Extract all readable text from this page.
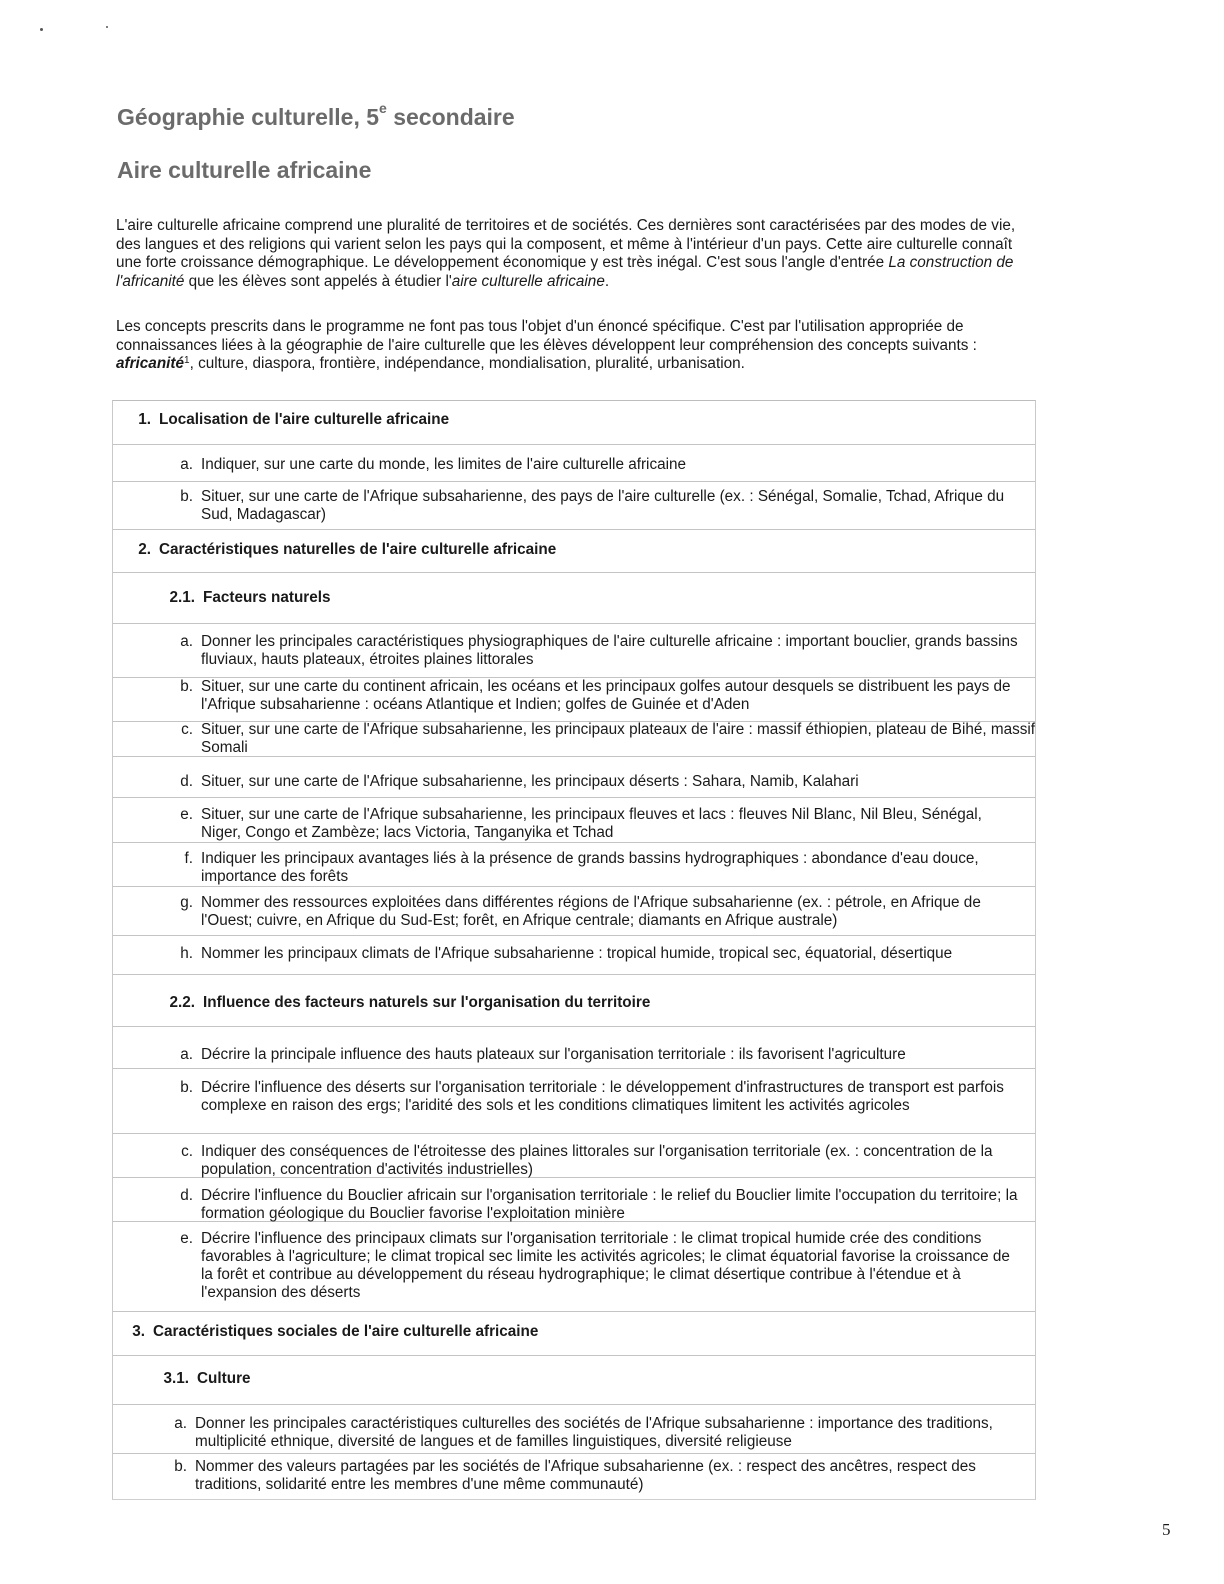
Géographie culturelle, 5e secondaire
Aire culturelle africaine

L'aire culturelle africaine comprend une pluralité de territoires et de sociétés. Ces dernières sont caractérisées par des modes de vie, des langues et des religions qui varient selon les pays qui la composent, et même à l'intérieur d'un pays. Cette aire culturelle connaît une forte croissance démographique. Le développement économique y est très inégal. C'est sous l'angle d'entrée La construction de l'africanité que les élèves sont appelés à étudier l'aire culturelle africaine.

Les concepts prescrits dans le programme ne font pas tous l'objet d'un énoncé spécifique. C'est par l'utilisation appropriée de connaissances liées à la géographie de l'aire culturelle que les élèves développent leur compréhension des concepts suivants : africanité$^1$, culture, diaspora, frontière, indépendance, mondialisation, pluralité, urbanisation.

1. Localisation de l'aire culturelle africaine
a. Indiquer, sur une carte du monde, les limites de l'aire culturelle africaine
b. Situer, sur une carte de l'Afrique subsaharienne, des pays de l'aire culturelle (ex. : Sénégal, Somalie, Tchad, Afrique du Sud, Madagascar)
2. Caractéristiques naturelles de l'aire culturelle africaine
2.1. Facteurs naturels
a. Donner les principales caractéristiques physiographiques de l'aire culturelle africaine : important bouclier, grands bassins fluviaux, hauts plateaux, étroites plaines littorales
b. Situer, sur une carte du continent africain, les océans et les principaux golfes autour desquels se distribuent les pays de l'Afrique subsaharienne : océans Atlantique et Indien; golfes de Guinée et d'Aden
c. Situer, sur une carte de l'Afrique subsaharienne, les principaux plateaux de l'aire : massif éthiopien, plateau de Bihé, massif Somali
d. Situer, sur une carte de l'Afrique subsaharienne, les principaux déserts : Sahara, Namib, Kalahari
e. Situer, sur une carte de l'Afrique subsaharienne, les principaux fleuves et lacs : fleuves Nil Blanc, Nil Bleu, Sénégal, Niger, Congo et Zambèze; lacs Victoria, Tanganyika et Tchad
f. Indiquer les principaux avantages liés à la présence de grands bassins hydrographiques : abondance d'eau douce, importance des forêts
g. Nommer des ressources exploitées dans différentes régions de l'Afrique subsaharienne (ex. : pétrole, en Afrique de l'Ouest; cuivre, en Afrique du Sud-Est; forêt, en Afrique centrale; diamants en Afrique australe)
h. Nommer les principaux climats de l'Afrique subsaharienne : tropical humide, tropical sec, équatorial, désertique
2.2. Influence des facteurs naturels sur l'organisation du territoire
a. Décrire la principale influence des hauts plateaux sur l'organisation territoriale : ils favorisent l'agriculture
b. Décrire l'influence des déserts sur l'organisation territoriale : le développement d'infrastructures de transport est parfois complexe en raison des ergs; l'aridité des sols et les conditions climatiques limitent les activités agricoles
c. Indiquer des conséquences de l'étroitesse des plaines littorales sur l'organisation territoriale (ex. : concentration de la population, concentration d'activités industrielles)
d. Décrire l'influence du Bouclier africain sur l'organisation territoriale : le relief du Bouclier limite l'occupation du territoire; la formation géologique du Bouclier favorise l'exploitation minière
e. Décrire l'influence des principaux climats sur l'organisation territoriale : le climat tropical humide crée des conditions favorables à l'agriculture; le climat tropical sec limite les activités agricoles; le climat équatorial favorise la croissance de la forêt et contribue au développement du réseau hydrographique; le climat désertique contribue à l'étendue et à l'expansion des déserts
3. Caractéristiques sociales de l'aire culturelle africaine
3.1. Culture
a. Donner les principales caractéristiques culturelles des sociétés de l'Afrique subsaharienne : importance des traditions, multiplicité ethnique, diversité de langues et de familles linguistiques, diversité religieuse
b. Nommer des valeurs partagées par les sociétés de l'Afrique subsaharienne (ex. : respect des ancêtres, respect des traditions, solidarité entre les membres d'une même communauté)
5
